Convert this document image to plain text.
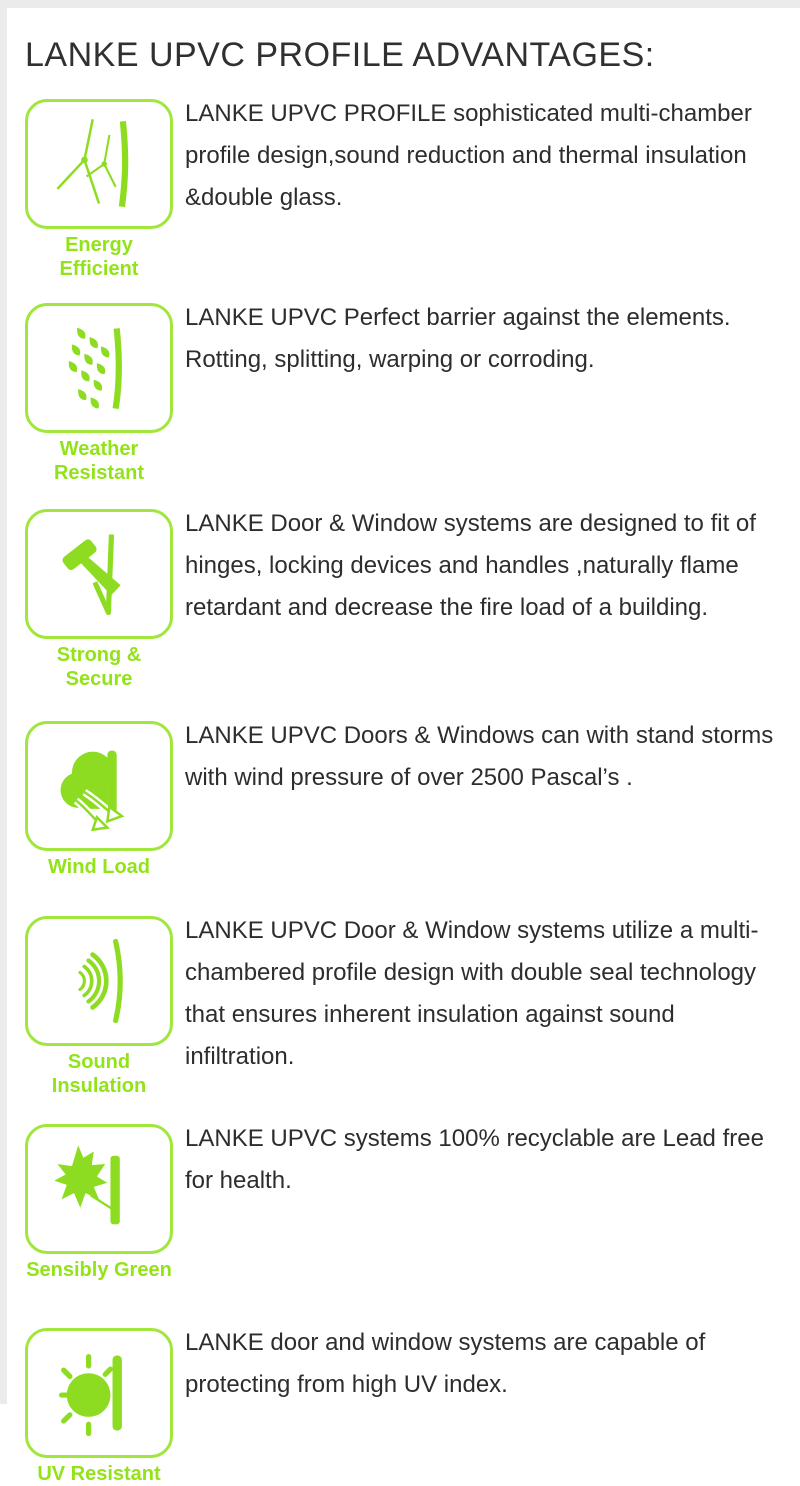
LANKE UPVC PROFILE ADVANTAGES:
Energy Efficient
LANKE UPVC PROFILE sophisticated multi-chamber profile design,sound reduction and thermal insulation &double glass.
Weather Resistant
LANKE UPVC Perfect barrier against the elements. Rotting, splitting, warping or corroding.
Strong & Secure
LANKE Door & Window systems are designed to fit of hinges, locking devices and handles ,naturally flame retardant and decrease the fire load of a building.
Wind Load
LANKE UPVC Doors & Windows can with stand storms with wind pressure of over 2500 Pascal’s .
Sound Insulation
LANKE UPVC Door & Window systems utilize a multi-chambered profile design with double seal technology that ensures inherent insulation against sound infiltration.
Sensibly Green
LANKE UPVC systems 100% recyclable are Lead free for health.
UV Resistant
LANKE door and window systems are capable of protecting from high UV index.
